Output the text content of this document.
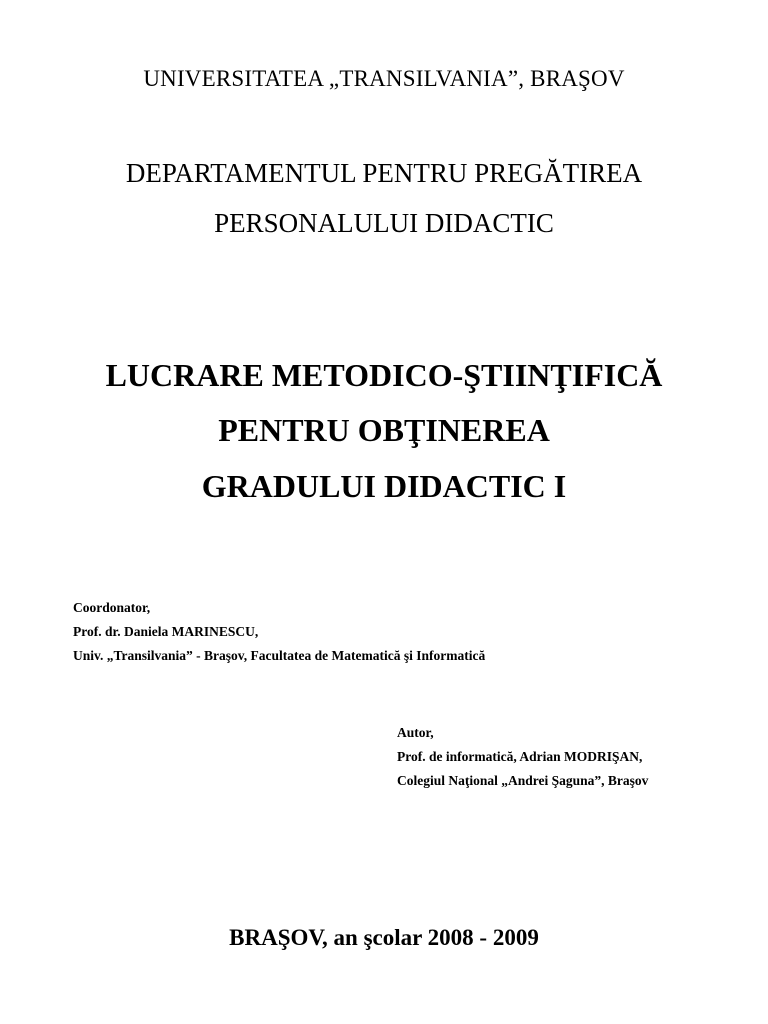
UNIVERSITATEA „TRANSILVANIA”, BRAŞOV
DEPARTAMENTUL PENTRU PREGĂTIREA
PERSONALULUI DIDACTIC
LUCRARE METODICO-ŞTIINŢIFICĂ
PENTRU OBŢINEREA
GRADULUI DIDACTIC I
Coordonator,
Prof. dr. Daniela MARINESCU,
Univ. „Transilvania” - Braşov, Facultatea de Matematică şi Informatică
Autor,
Prof. de informatică, Adrian MODRIŞAN,
Colegiul Naţional „Andrei Şaguna”, Braşov
BRAŞOV, an şcolar 2008 - 2009
